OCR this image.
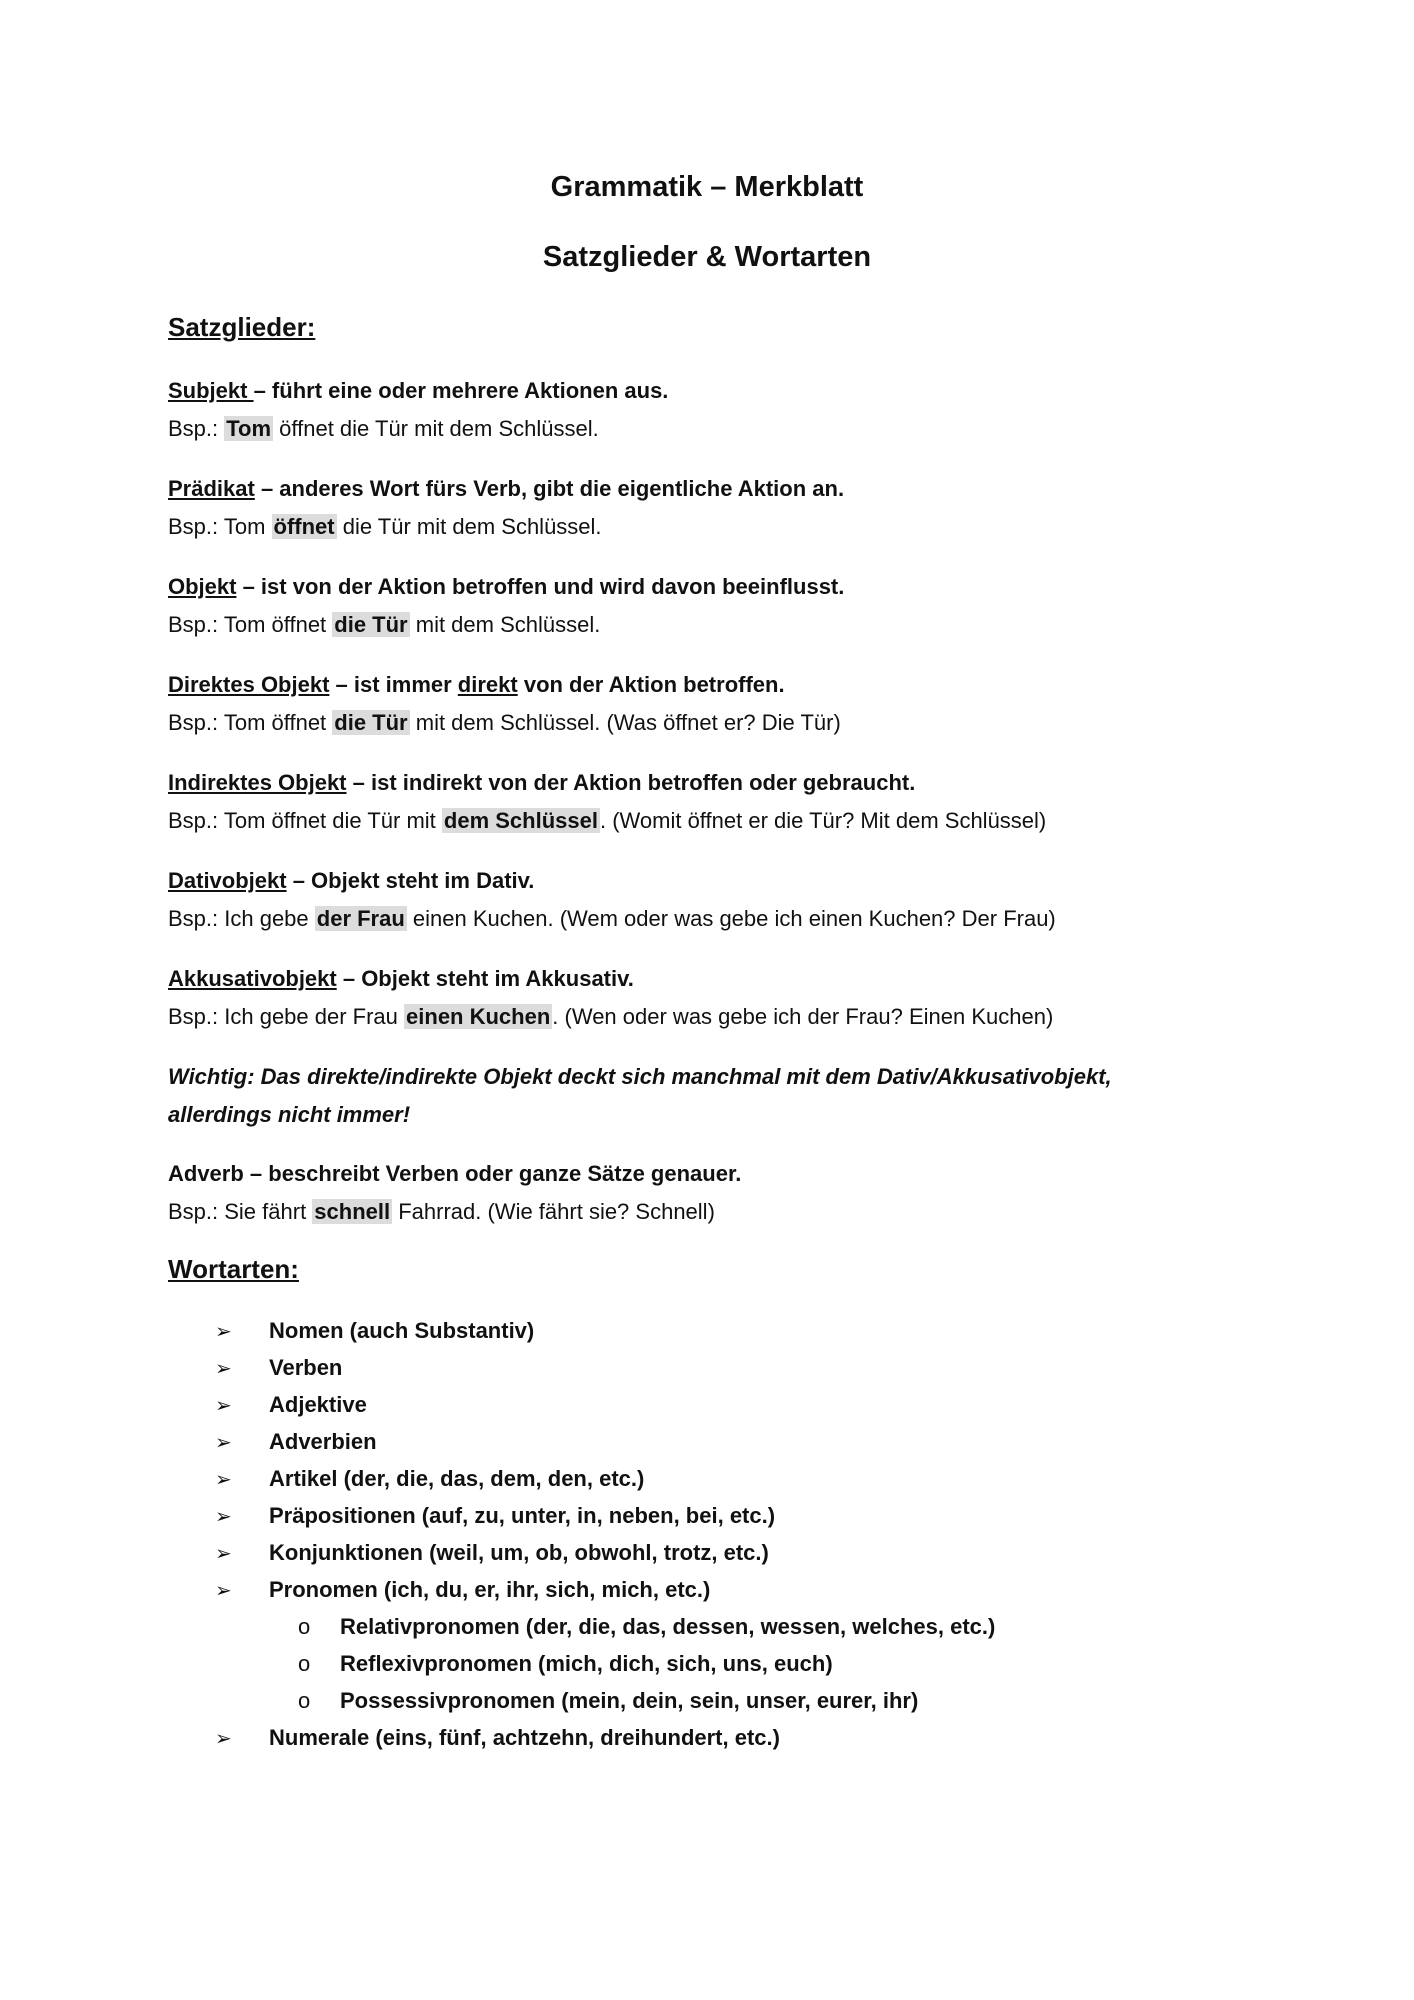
Grammatik – Merkblatt
Satzglieder & Wortarten
Satzglieder:

Subjekt – führt eine oder mehrere Aktionen aus.

Bsp.: Tom öffnet die Tür mit dem Schlüssel.

Prädikat – anderes Wort fürs Verb, gibt die eigentliche Aktion an.

Bsp.: Tom öffnet die Tür mit dem Schlüssel.

Objekt – ist von der Aktion betroffen und wird davon beeinflusst.

Bsp.: Tom öffnet die Tür mit dem Schlüssel.

Direktes Objekt – ist immer direkt von der Aktion betroffen.

Bsp.: Tom öffnet die Tür mit dem Schlüssel. (Was öffnet er? Die Tür)

Indirektes Objekt – ist indirekt von der Aktion betroffen oder gebraucht.

Bsp.: Tom öffnet die Tür mit dem Schlüssel. (Womit öffnet er die Tür? Mit dem Schlüssel)

Dativobjekt – Objekt steht im Dativ.

Bsp.: Ich gebe der Frau einen Kuchen. (Wem oder was gebe ich einen Kuchen? Der Frau)

Akkusativobjekt – Objekt steht im Akkusativ.

Bsp.: Ich gebe der Frau einen Kuchen. (Wen oder was gebe ich der Frau? Einen Kuchen)

Wichtig: Das direkte/indirekte Objekt deckt sich manchmal mit dem Dativ/Akkusativobjekt, allerdings nicht immer!

Adverb – beschreibt Verben oder ganze Sätze genauer.

Bsp.: Sie fährt schnell Fahrrad. (Wie fährt sie? Schnell)

Wortarten:
➢ Nomen (auch Substantiv)
➢ Verben
➢ Adjektive
➢ Adverbien
➢ Artikel (der, die, das, dem, den, etc.)
➢ Präpositionen (auf, zu, unter, in, neben, bei, etc.)
➢ Konjunktionen (weil, um, ob, obwohl, trotz, etc.)
➢ Pronomen (ich, du, er, ihr, sich, mich, etc.)
o Relativpronomen (der, die, das, dessen, wessen, welches, etc.)
o Reflexivpronomen (mich, dich, sich, uns, euch)
o Possessivpronomen (mein, dein, sein, unser, eurer, ihr)
➢ Numerale (eins, fünf, achtzehn, dreihundert, etc.)
